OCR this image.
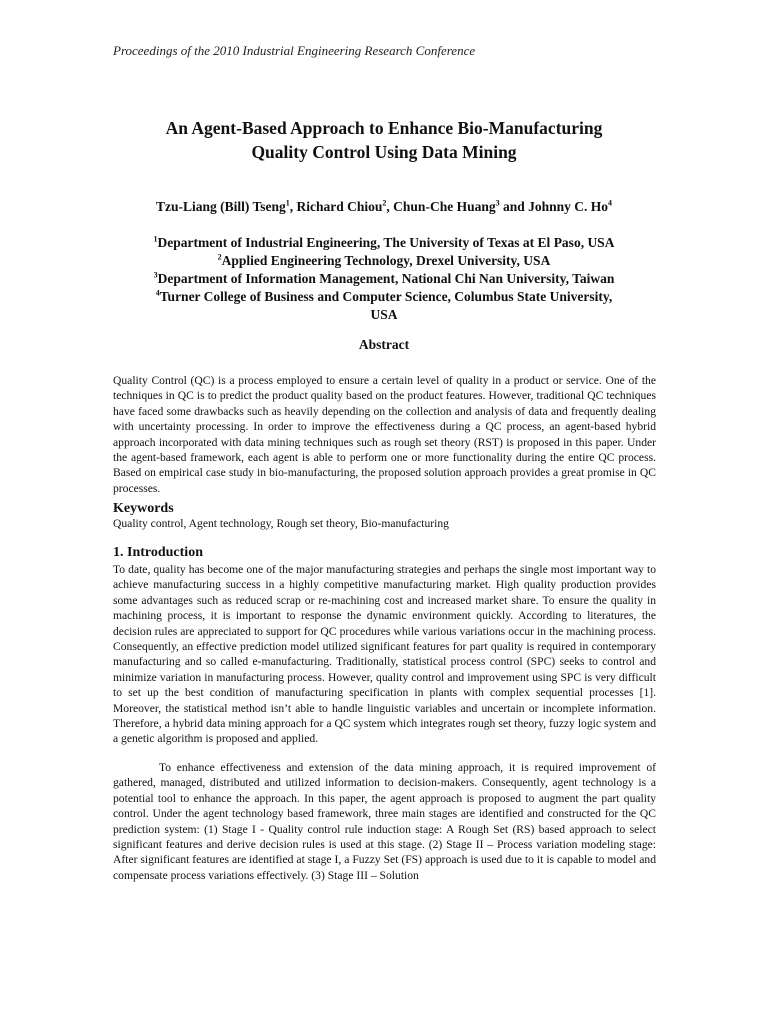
Proceedings of the 2010 Industrial Engineering Research Conference
An Agent-Based Approach to Enhance Bio-Manufacturing
Quality Control Using Data Mining
Tzu-Liang (Bill) Tseng$^1$, Richard Chiou$^2$, Chun-Che Huang$^3$ and Johnny C. Ho$^4$
$^1$Department of Industrial Engineering, The University of Texas at El Paso, USA
$^2$Applied Engineering Technology, Drexel University, USA
$^3$Department of Information Management, National Chi Nan University, Taiwan
$^4$Turner College of Business and Computer Science, Columbus State University,
USA
Abstract

Quality Control (QC) is a process employed to ensure a certain level of quality in a product or service. One of the techniques in QC is to predict the product quality based on the product features. However, traditional QC techniques have faced some drawbacks such as heavily depending on the collection and analysis of data and frequently dealing with uncertainty processing. In order to improve the effectiveness during a QC process, an agent-based hybrid approach incorporated with data mining techniques such as rough set theory (RST) is proposed in this paper. Under the agent-based framework, each agent is able to perform one or more functionality during the entire QC process. Based on empirical case study in bio-manufacturing, the proposed solution approach provides a great promise in QC processes.

Keywords
Quality control, Agent technology, Rough set theory, Bio-manufacturing
1. Introduction

To date, quality has become one of the major manufacturing strategies and perhaps the single most important way to achieve manufacturing success in a highly competitive manufacturing market. High quality production provides some advantages such as reduced scrap or re-machining cost and increased market share. To ensure the quality in machining process, it is important to response the dynamic environment quickly. According to literatures, the decision rules are appreciated to support for QC procedures while various variations occur in the machining process. Consequently, an effective prediction model utilized significant features for part quality is required in contemporary manufacturing and so called e-manufacturing. Traditionally, statistical process control (SPC) seeks to control and minimize variation in manufacturing process. However, quality control and improvement using SPC is very difficult to set up the best condition of manufacturing specification in plants with complex sequential processes [1]. Moreover, the statistical method isn’t able to handle linguistic variables and uncertain or incomplete information. Therefore, a hybrid data mining approach for a QC system which integrates rough set theory, fuzzy logic system and a genetic algorithm is proposed and applied.

To enhance effectiveness and extension of the data mining approach, it is required improvement of gathered, managed, distributed and utilized information to decision-makers. Consequently, agent technology is a potential tool to enhance the approach. In this paper, the agent approach is proposed to augment the part quality control. Under the agent technology based framework, three main stages are identified and constructed for the QC prediction system: (1) Stage I - Quality control rule induction stage: A Rough Set (RS) based approach to select significant features and derive decision rules is used at this stage. (2) Stage II – Process variation modeling stage: After significant features are identified at stage I, a Fuzzy Set (FS) approach is used due to it is capable to model and compensate process variations effectively. (3) Stage III – Solution
